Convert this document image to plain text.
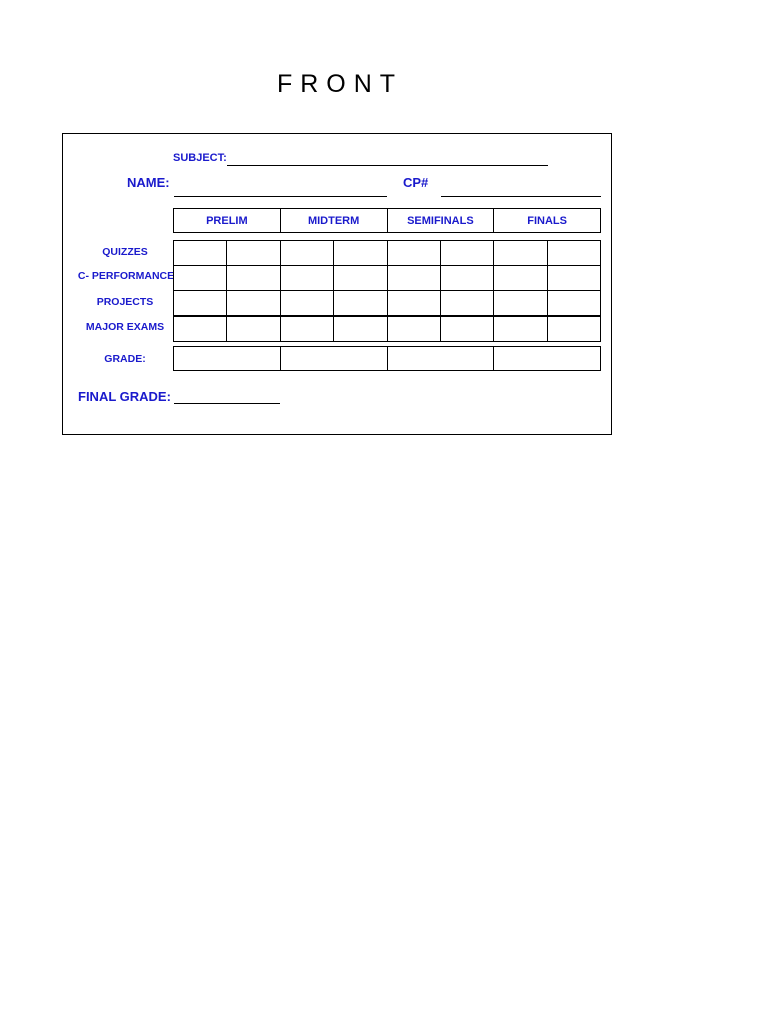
FRONT
SUBJECT:
NAME:	CP#
PRELIM	MIDTERM	SEMIFINALS	FINALS
QUIZZES
C- PERFORMANCE
PROJECTS
MAJOR EXAMS

GRADE:

FINAL GRADE:
